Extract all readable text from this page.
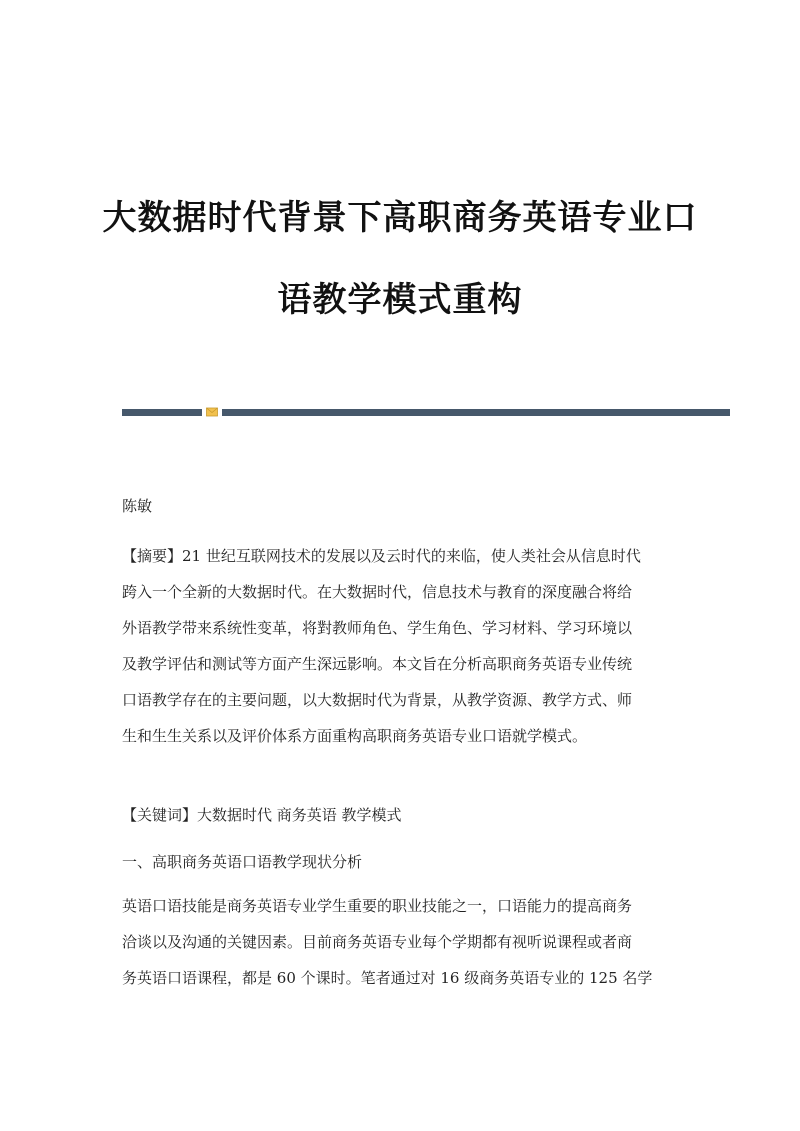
大数据时代背景下高职商务英语专业口
语教学模式重构

陈敏

【摘要】21 世纪互联网技术的发展以及云时代的来临，使人类社会从信息时代
跨入一个全新的大数据时代。在大数据时代，信息技术与教育的深度融合将给
外语教学带来系统性变革，将對教师角色、学生角色、学习材料、学习环境以
及教学评估和测试等方面产生深远影响。本文旨在分析高职商务英语专业传统
口语教学存在的主要问题，以大数据时代为背景，从教学资源、教学方式、师
生和生生关系以及评价体系方面重构高职商务英语专业口语就学模式。

【关键词】大数据时代 商务英语 教学模式

一、高职商务英语口语教学现状分析

英语口语技能是商务英语专业学生重要的职业技能之一，口语能力的提高商务
洽谈以及沟通的关键因素。目前商务英语专业每个学期都有视听说课程或者商
务英语口语课程，都是 60 个课时。笔者通过对 16 级商务英语专业的 125 名学
